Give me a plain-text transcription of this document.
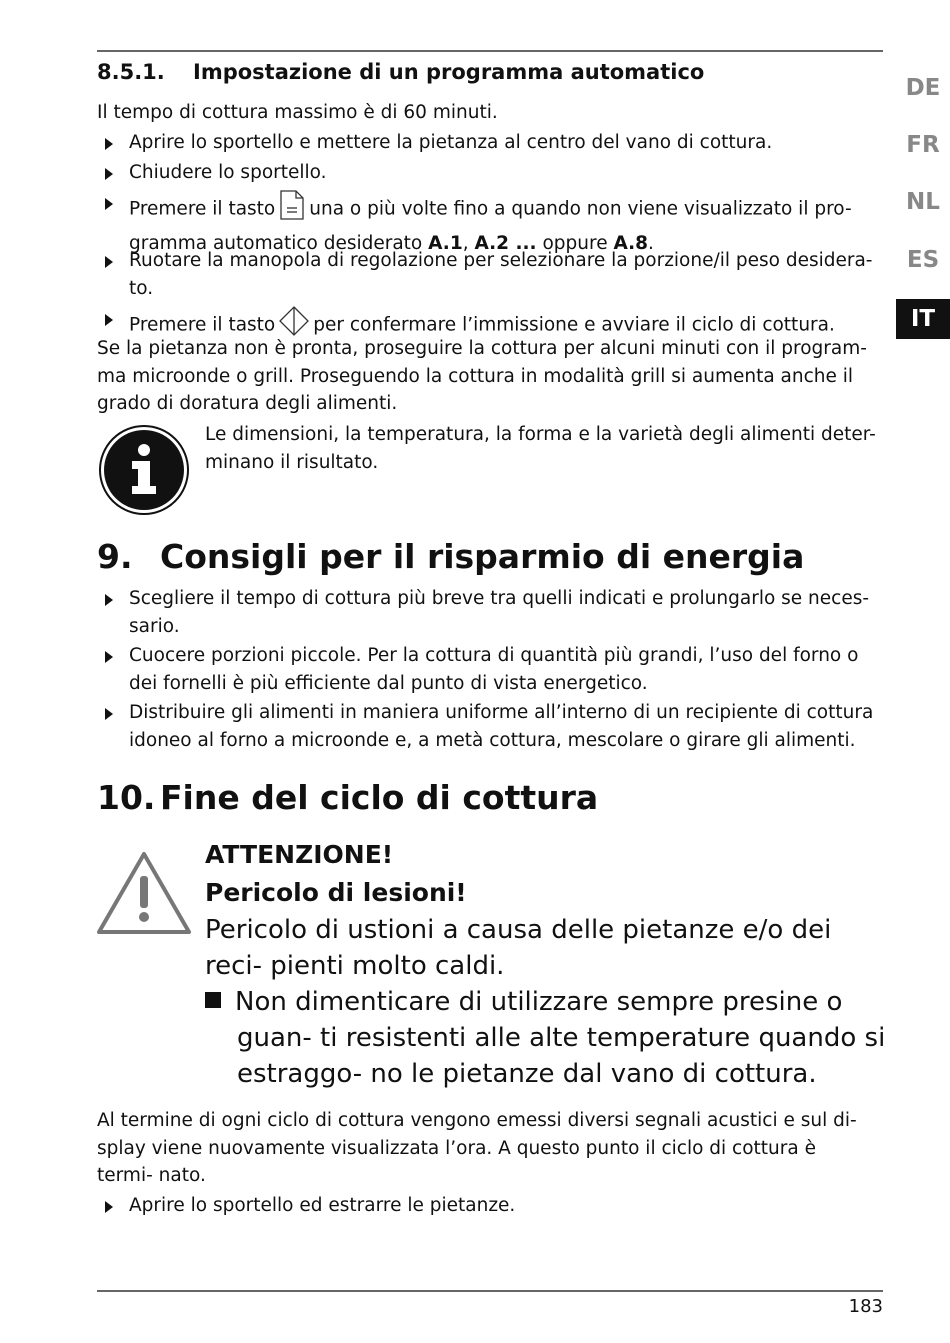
DE
FR
NL
ES
IT
8.5.1. Impostazione di un programma automatico

Il tempo di cottura massimo è di 60 minuti.

Aprire lo sportello e mettere la pietanza al centro del vano di cottura.
Chiudere lo sportello.
Premere il tasto una o più volte fino a quando non viene visualizzato il pro-
gramma automatico desiderato A.1, A.2 ... oppure A.8.
Ruotare la manopola di regolazione per selezionare la porzione/il peso desidera- to.
Premere il tasto per confermare l’immissione e avviare il ciclo di cottura.

Se la pietanza non è pronta, proseguire la cottura per alcuni minuti con il program- ma microonde o grill. Proseguendo la cottura in modalità grill si aumenta anche il grado di doratura degli alimenti.

Le dimensioni, la temperatura, la forma e la varietà degli alimenti deter- minano il risultato.

9. Consigli per il risparmio di energia
Scegliere il tempo di cottura più breve tra quelli indicati e prolungarlo se neces- sario.
Cuocere porzioni piccole. Per la cottura di quantità più grandi, l’uso del forno o dei fornelli è più efficiente dal punto di vista energetico.
Distribuire gli alimenti in maniera uniforme all’interno di un recipiente di cottura idoneo al forno a microonde e, a metà cottura, mescolare o girare gli alimenti.
10. Fine del ciclo di cottura
ATTENZIONE!
Pericolo di lesioni!
Pericolo di ustioni a causa delle pietanze e/o dei reci- pienti molto caldi.
Non dimenticare di utilizzare sempre presine o guan- ti resistenti alle alte temperature quando si estraggo- no le pietanze dal vano di cottura.

Al termine di ogni ciclo di cottura vengono emessi diversi segnali acustici e sul di- splay viene nuovamente visualizzata l’ora. A questo punto il ciclo di cottura è termi- nato.

Aprire lo sportello ed estrarre le pietanze.
183
